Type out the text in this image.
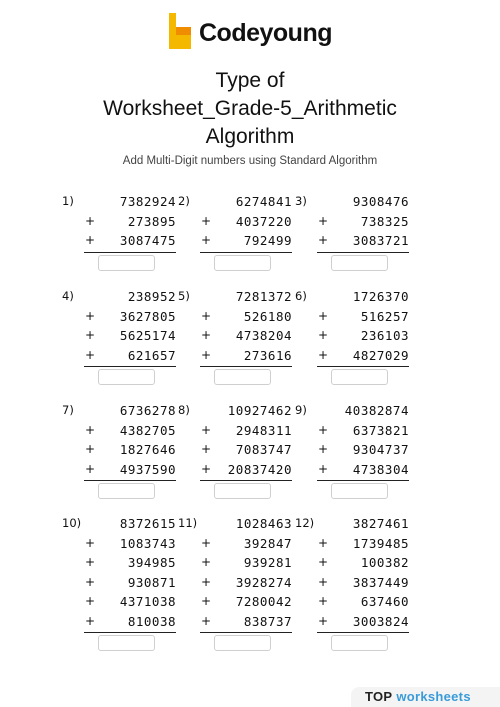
Codeyoung
Type of
Worksheet_Grade-5_Arithmetic
Algorithm
Add Multi-Digit numbers using Standard Algorithm
1)	7382924
+	273895
+ 3087475
2)	6274841
+ 4037220
+	792499
3)	9308476
+	738325
+ 3083721
4)	238952
+ 3627805
+ 5625174
+	621657
5)	7281372
+	526180
+ 4738204
+	273616
6)	1726370
+	516257
+	236103
+ 4827029
7)	6736278
+ 4382705
+ 1827646
+ 4937590
8)	10927462
+ 2948311
+ 7083747
+ 20837420
9)	40382874
+ 6373821
+ 9304737
+ 4738304
10)	8372615
+ 1083743
+	394985
+	930871
+ 4371038
+	810038
11)	1028463
+	392847
+	939281
+ 3928274
+ 7280042
+	838737
12)	3827461
+ 1739485
+	100382
+ 3837449
+	637460
+ 3003824
TOP worksheets
